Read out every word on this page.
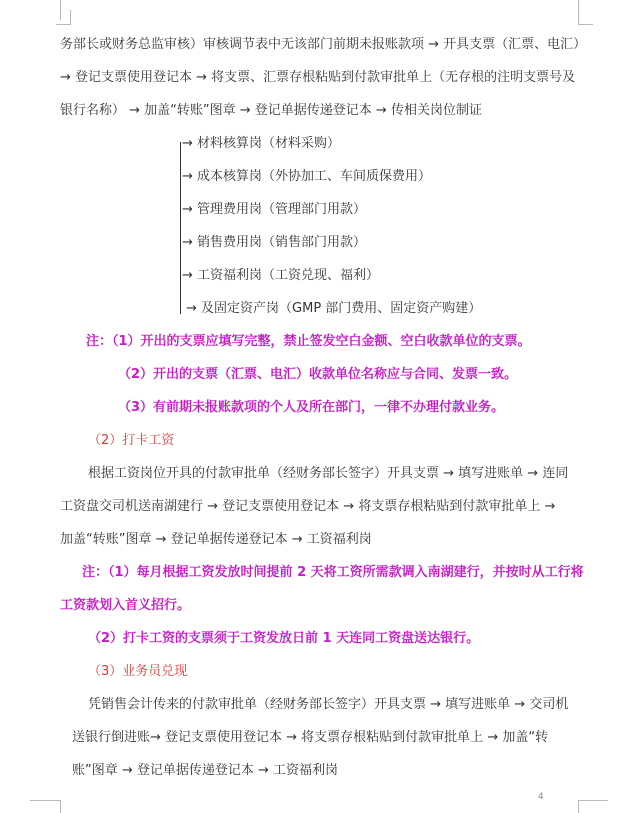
务部长或财务总监审核）审核调节表中无该部门前期未报账款项 → 开具支票（汇票、电汇）
→ 登记支票使用登记本 → 将支票、汇票存根粘贴到付款审批单上（无存根的注明支票号及
银行名称） → 加盖“转账”图章 → 登记单据传递登记本 → 传相关岗位制证
→ 材料核算岗（材料采购）
→ 成本核算岗（外协加工、车间质保费用）
→ 管理费用岗（管理部门用款）
→ 销售费用岗（销售部门用款）
→ 工资福利岗（工资兑现、福利）
→ 及固定资产岗（GMP 部门费用、固定资产购建）
注：（1）开出的支票应填写完整，禁止签发空白金额、空白收款单位的支票。
（2）开出的支票（汇票、电汇）收款单位名称应与合同、发票一致。
（3）有前期未报账款项的个人及所在部门，一律不办理付款业务。
（2）打卡工资
根据工资岗位开具的付款审批单（经财务部长签字）开具支票 → 填写进账单 → 连同
工资盘交司机送南湖建行 → 登记支票使用登记本 → 将支票存根粘贴到付款审批单上 →
加盖“转账”图章 → 登记单据传递登记本 → 工资福利岗
注：（1）每月根据工资发放时间提前 2 天将工资所需款调入南湖建行，并按时从工行将
工资款划入首义招行。
（2）打卡工资的支票须于工资发放日前 1 天连同工资盘送达银行。
（3）业务员兑现
凭销售会计传来的付款审批单（经财务部长签字）开具支票 → 填写进账单 → 交司机
送银行倒进账→ 登记支票使用登记本 → 将支票存根粘贴到付款审批单上 → 加盖“转
账”图章 → 登记单据传递登记本 → 工资福利岗
4
